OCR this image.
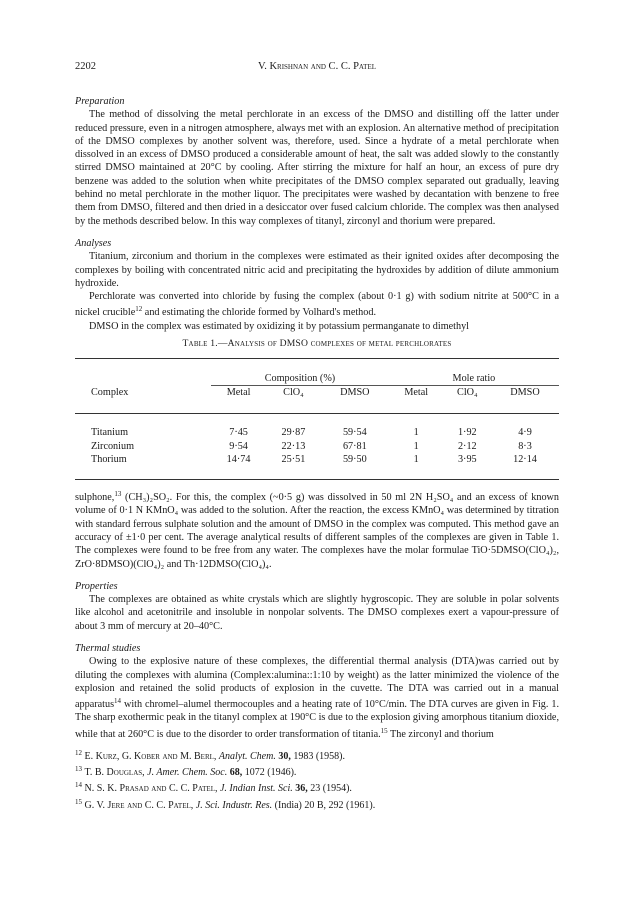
2202	V. Krishnan and C. C. Patel

Preparation

The method of dissolving the metal perchlorate in an excess of the DMSO and distilling off the latter under reduced pressure, even in a nitrogen atmosphere, always met with an explosion. An alternative method of precipitation of the DMSO complexes by another solvent was, therefore, used. Since a hydrate of a metal perchlorate when dissolved in an excess of DMSO produced a considerable amount of heat, the salt was added slowly to the constantly stirred DMSO maintained at 20°C by cooling. After stirring the mixture for half an hour, an excess of pure dry benzene was added to the solution when white precipitates of the DMSO complex separated out gradually, leaving behind no metal perchlorate in the mother liquor. The precipitates were washed by decantation with benzene to free them from DMSO, filtered and then dried in a desiccator over fused calcium chloride. The complex was then analysed by the methods described below. In this way complexes of titanyl, zirconyl and thorium were prepared.

Analyses

Titanium, zirconium and thorium in the complexes were estimated as their ignited oxides after decomposing the complexes by boiling with concentrated nitric acid and precipitating the hydroxides by addition of dilute ammonium hydroxide.

Perchlorate was converted into chloride by fusing the complex (about 0·1 g) with sodium nitrite at 500°C in a nickel crucible$^{12}$ and estimating the chloride formed by Volhard's method.

DMSO in the complex was estimated by oxidizing it by potassium permanganate to dimethyl

Table 1.—Analysis of DMSO complexes of metal perchlorates

	Composition (%)			Mole ratio		
Complex	Metal	ClO₄	DMSO	Metal	ClO₄	DMSO

Titanium	7·45	29·87	59·54	1	1·92	4·9
Zirconium	9·54	22·13	67·81	1	2·12	8·3
Thorium	14·74	25·51	59·50	1	3·95	12·14

sulphone,$^{13}$ (CH₃)₂SO₂. For this, the complex (~0·5 g) was dissolved in 50 ml 2N H₂SO₄ and an excess of known volume of 0·1 N KMnO₄ was added to the solution. After the reaction, the excess KMnO₄ was determined by titration with standard ferrous sulphate solution and the amount of DMSO in the complex was computed. This method gave an accuracy of ±1·0 per cent. The average analytical results of different samples of the complexes are given in Table 1. The complexes were found to be free from any water. The complexes have the molar formulae TiO·5DMSO(ClO₄)₂, ZrO·8DMSO)(ClO₄)₂ and Th·12DMSO(ClO₄)₄.

Properties

The complexes are obtained as white crystals which are slightly hygroscopic. They are soluble in polar solvents like alcohol and acetonitrile and insoluble in nonpolar solvents. The DMSO complexes exert a vapour-pressure of about 3 mm of mercury at 20–40°C.

Thermal studies

Owing to the explosive nature of these complexes, the differential thermal analysis (DTA)was carried out by diluting the complexes with alumina (Complex:alumina::1:10 by weight) as the latter minimized the violence of the explosion and retained the solid products of explosion in the cuvette. The DTA was carried out in a manual apparatus$^{14}$ with chromel–alumel thermocouples and a heating rate of 10°C/min. The DTA curves are given in Fig. 1. The sharp exothermic peak in the titanyl complex at 190°C is due to the explosion giving amorphous titanium dioxide, while that at 260°C is due to the disorder to order transformation of titania.$^{15}$ The zirconyl and thorium

$^{12}$ E. Kurz, G. Kober and M. Berl, Analyt. Chem. 30, 1983 (1958).
$^{13}$ T. B. Douglas, J. Amer. Chem. Soc. 68, 1072 (1946).
$^{14}$ N. S. K. Prasad and C. C. Patel, J. Indian Inst. Sci. 36, 23 (1954).
$^{15}$ G. V. Jere and C. C. Patel, J. Sci. Industr. Res. (India) 20 B, 292 (1961).
